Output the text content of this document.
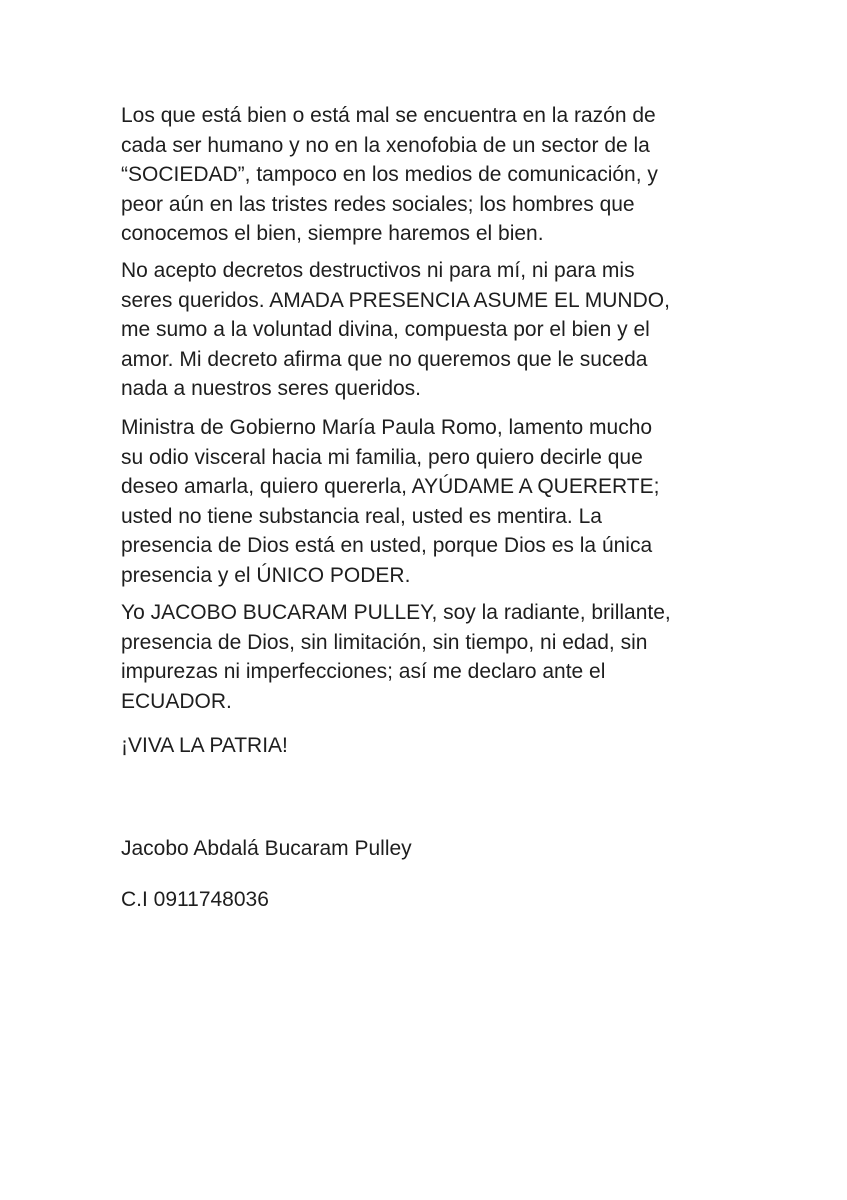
Los que está bien o está mal se encuentra en la razón de
cada ser humano y no en la xenofobia de un sector de la
“SOCIEDAD”, tampoco en los medios de comunicación, y
peor aún en las tristes redes sociales; los hombres que
conocemos el bien, siempre haremos el bien.
No acepto decretos destructivos ni para mí, ni para mis
seres queridos. AMADA PRESENCIA ASUME EL MUNDO,
me sumo a la voluntad divina, compuesta por el bien y el
amor. Mi decreto afirma que no queremos que le suceda
nada a nuestros seres queridos.
Ministra de Gobierno María Paula Romo, lamento mucho
su odio visceral hacia mi familia, pero quiero decirle que
deseo amarla, quiero quererla, AYÚDAME A QUERERTE;
usted no tiene substancia real, usted es mentira. La
presencia de Dios está en usted, porque Dios es la única
presencia y el ÚNICO PODER.
Yo JACOBO BUCARAM PULLEY, soy la radiante, brillante,
presencia de Dios, sin limitación, sin tiempo, ni edad, sin
impurezas ni imperfecciones; así me declaro ante el
ECUADOR.
¡VIVA LA PATRIA!
Jacobo Abdalá Bucaram Pulley
C.I 0911748036
